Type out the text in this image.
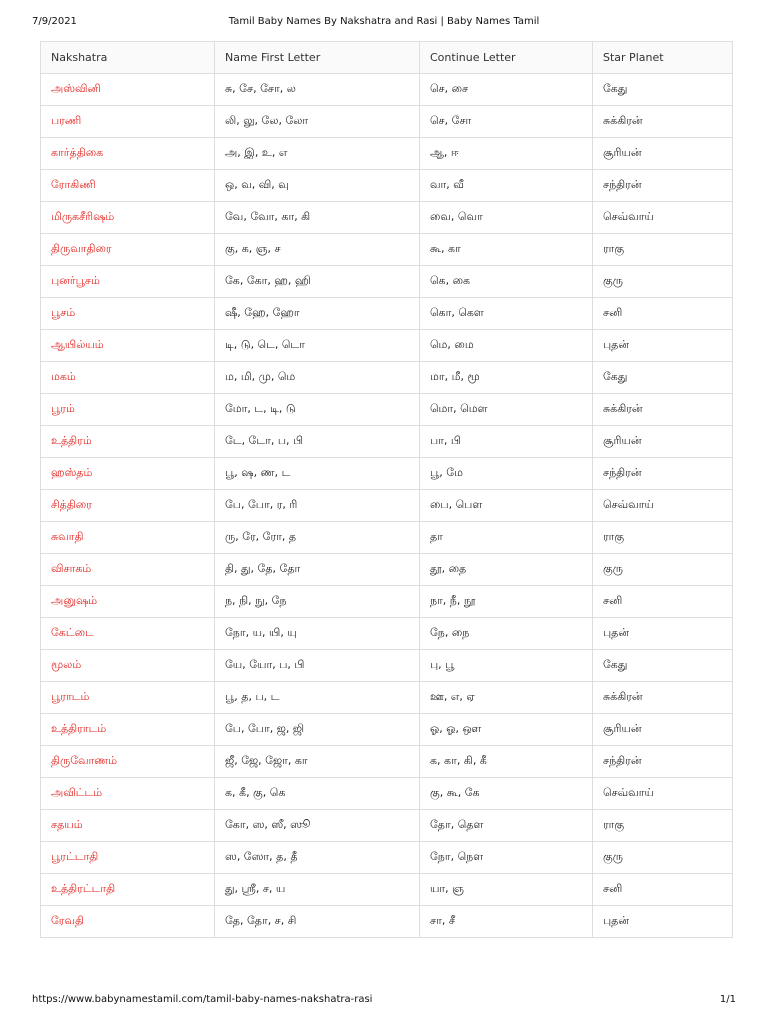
7/9/2021	Tamil Baby Names By Nakshatra and Rasi | Baby Names Tamil
Nakshatra	Name First Letter	Continue Letter	Star Planet
அஸ்வினி	சு, சே, சோ, ல	செ, சை	கேது
பரணி	லி, லு, லே, லோ	செ, சோ	சுக்கிரன்
கார்த்திகை	அ, இ, உ, எ	ஆ, ஈ	சூரியன்
ரோகிணி	ஒ, வ, வி, வு	வா, வீ	சந்திரன்
மிருகசீரிஷம்	வே, வோ, கா, கி	வை, வொ	செவ்வாய்
திருவாதிரை	கு, க, ஞ, ச	கூ, கா	ராகு
புனர்பூசம்	கே, கோ, ஹ, ஹி	கெ, கை	குரு
பூசம்	ஷீ, ஹே, ஹோ	கொ, கௌ	சனி
ஆயில்யம்	டி, டு, டெ, டொ	மெ, மை	புதன்
மகம்	ம, மி, மு, மெ	மா, மீ, மூ	கேது
பூரம்	மோ, ட, டி, டு	மொ, மௌ	சுக்கிரன்
உத்திரம்	டே, டோ, ப, பி	பா, பி	சூரியன்
ஹஸ்தம்	பூ, ஷ, ண, ட	பூ, மே	சந்திரன்
சித்திரை	பே, போ, ர, ரி	பை, பௌ	செவ்வாய்
சுவாதி	ரு, ரே, ரோ, த	தா	ராகு
விசாகம்	தி, து, தே, தோ	தூ, தை	குரு
அனுஷம்	ந, நி, நு, நே	நா, நீ, நூ	சனி
கேட்டை	நோ, ய, யி, யு	நே, நை	புதன்
மூலம்	யே, யோ, ப, பி	பு, பூ	கேது
பூராடம்	பூ, த, ப, ட	ஊ, எ, ஏ	சுக்கிரன்
உத்திராடம்	பே, போ, ஜ, ஜி	ஓ, ஓ, ஔ	சூரியன்
திருவோணம்	ஜீ, ஜே, ஜோ, கா	க, கா, கி, கீ	சந்திரன்
அவிட்டம்	க, கீ, கு, கெ	கு, கூ, கே	செவ்வாய்
சதயம்	கோ, ஸ, ஸீ, ஸூ	தோ, தௌ	ராகு
பூரட்டாதி	ஸ, ஸோ, த, தீ	நோ, நௌ	குரு
உத்திரட்டாதி	து, ஸ்ரீ, ச, ய	யா, ஞ	சனி
ரேவதி	தே, தோ, ச, சி	சா, சீ	புதன்
https://www.babynamestamil.com/tamil-baby-names-nakshatra-rasi	1/1
